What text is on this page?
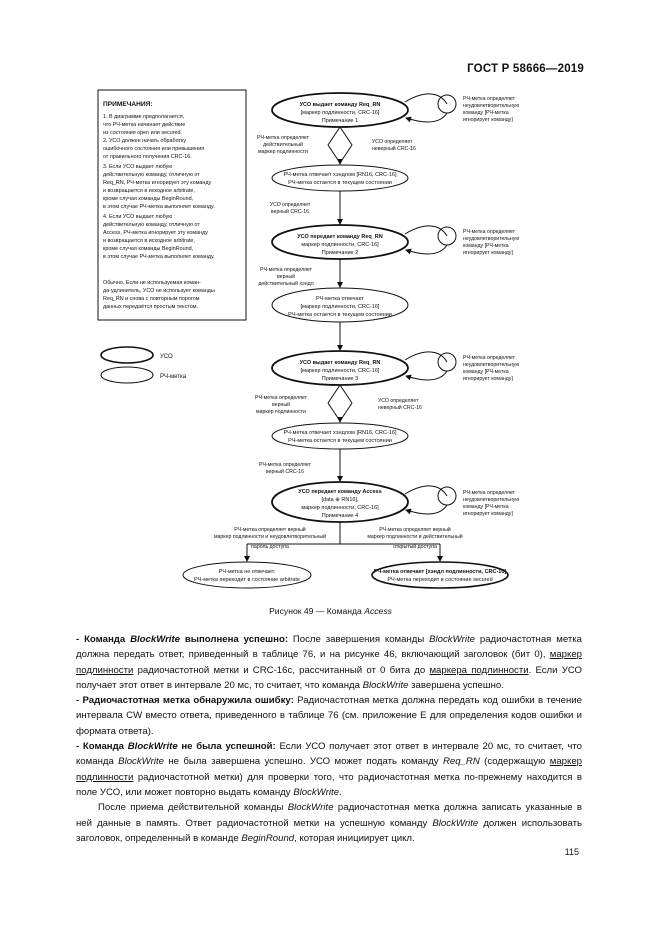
ГОСТ Р 58666—2019
ПРИМЕЧАНИЯ:
1. В диаграмме предполагается,
что РЧ-метка начинает действие
из состояния open или secured.
2. УСО должен начать обработку
ошибочного состояния или превышения
от правильного получения CRC-16.
3. Если УСО выдает любую
действительную команду, отличную от
Req_RN, РЧ-метка игнорирует эту команду
и возвращается в исходное arbitrate,
кроме случая команды BeginRound,
в этом случае РЧ-метка выполняет команду.
4. Если УСО выдает любую
действительную команду, отличную от
Access, РЧ-метка игнорирует эту команду
и возвращается в исходное arbitrate,
кроме случая команды BeginRound,
в этом случае РЧ-метка выполняет команду.
Обычно, Если не используемая коман-
да-удлинитель, УСО не использует команды
Req_RN и снова с повторным порогом
данных передаётся простым текстом.
УСО
РЧ-метка
УСО выдает команду Req_RN
[маркер подлинности, CRC-16]
Примечание 1
РЧ-метка отвечает хэндлом [RN16, CRC-16]
РЧ-метка остается в текущем состоянии
УСО передает команду Req_RN
маркер подлинности, CRC-16]
Примечание 2
РЧ-метка отвечает
[маркер подлинности, CRC-16]
РЧ-метка остается в текущем состоянии
УСО выдает команду Req_RN
[маркер подлинности, CRC-16]
Примечание 3
РЧ-метка отвечает хэндлом [RN16, CRC-16]
РЧ-метка остается в текущем состоянии
УСО передает команду Access
[data ⊕ RN16],
маркер подлинности, CRC-16]
Примечание 4
РЧ-метка не отвечает.
РЧ-метка переходит в состояние arbitrate
РЧ-метка отвечает [хэндл подлинности, CRC-16]
РЧ-метка переходит в состояние secured
РЧ-метка определяет
действительный
маркер подлинности
УСО определяет
верный CRC-16
РЧ-метка определяет
верный
действительный хэндл
РЧ-метка определяет
верный
маркер подлинности
РЧ-метка определяет
верный CRC-16
УСО определяет
неверный CRC-16
УСО определяет
неверный CRC-16
РЧ-метка определяет
неудовлетворительную
команду [РЧ-метка
игнорирует команду]
РЧ-метка определяет
неудовлетворительную
команду [РЧ-метка
игнорирует команду]
РЧ-метка определяет
неудовлетворительную
команду [РЧ-метка
игнорирует команду]
РЧ-метка определяет
неудовлетворительную
команду [РЧ-метка
игнорирует команду]
РЧ-метка определяет верный
маркер подлинности и неудовлетворительный
пароль доступа
РЧ-метка определяет верный
маркер подлинности и действительный
открытый доступа
Рисунок 49 — Команда Access

- Команда BlockWrite выполнена успешно: После завершения команды BlockWrite радиочастотная метка должна передать ответ, приведенный в таблице 76, и на рисунке 46, включающий заголовок (бит 0), маркер подлинности радиочастотной метки и CRC-16с, рассчитанный от 0 бита до маркера подлинности. Если УСО получает этот ответ в интервале 20 мс, то считает, что команда BlockWrite завершена успешно.

- Радиочастотная метка обнаружила ошибку: Радиочастотная метка должна передать код ошибки в течение интервала CW вместо ответа, приведенного в таблице 76 (см. приложение Е для определения кодов ошибки и формата ответа).

- Команда BlockWrite не была успешной: Если УСО получает этот ответ в интервале 20 мс, то считает, что команда BlockWrite не была завершена успешно. УСО может подать команду Req_RN (содержащую маркер подлинности радиочастотной метки) для проверки того, что радиочастотная метка по-прежнему находится в поле УСО, или может повторно выдать команду BlockWrite.

После приема действительной команды BlockWrite радиочастотная метка должна записать указанные в ней данные в память. Ответ радиочастотной метки на успешную команду BlockWrite должен использовать заголовок, определенный в команде BeginRound, которая инициирует цикл.

115
